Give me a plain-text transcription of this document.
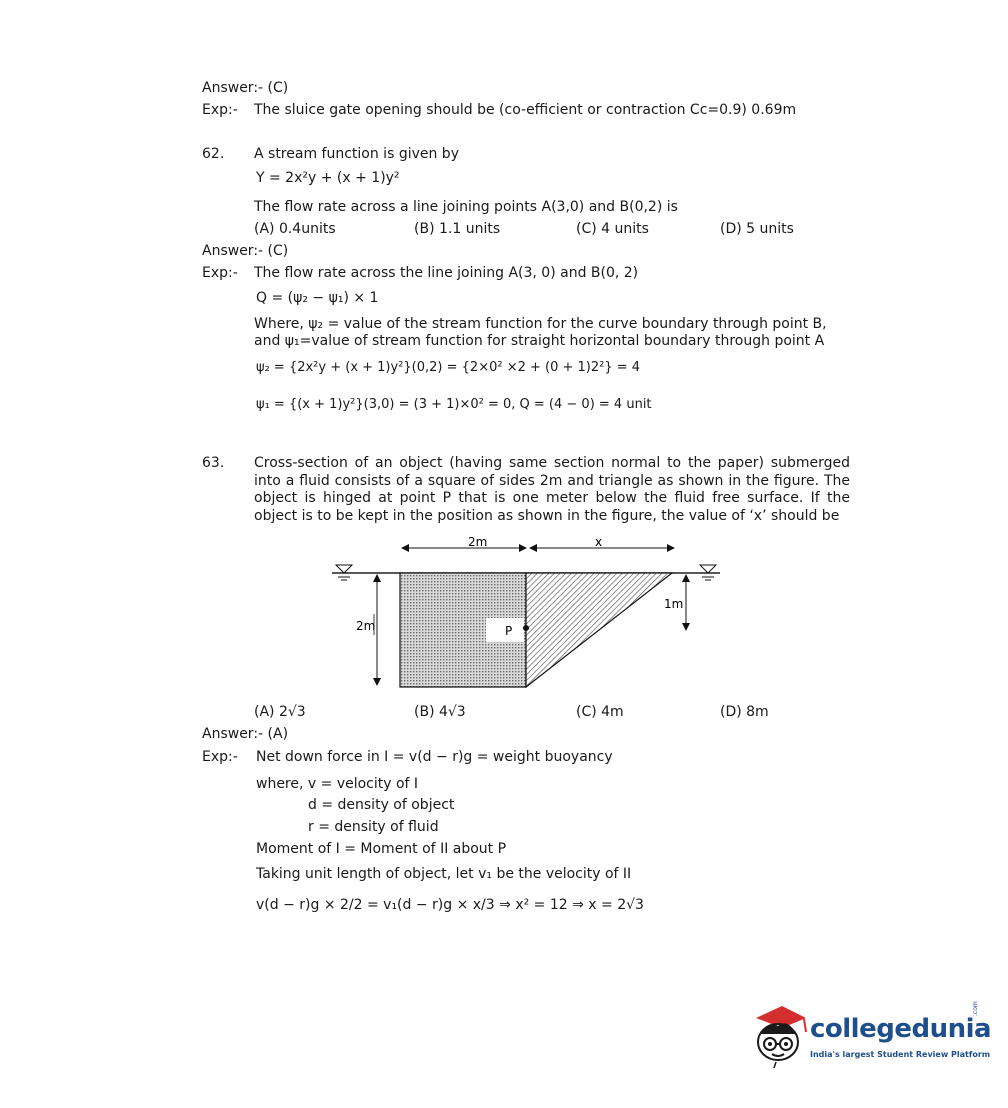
Answer:- (C)
Exp:- The sluice gate opening should be (co-efficient or contraction Cc=0.9) 0.69m
62. A stream function is given by
Y = 2x²y + (x + 1)y²
The flow rate across a line joining points A(3,0) and B(0,2) is
(A) 0.4units	(B) 1.1 units	(C) 4 units	(D) 5 units
Answer:- (C)
Exp:- The flow rate across the line joining A(3, 0) and B(0, 2)
Q = (ψ₂ − ψ₁) × 1
Where, ψ₂ = value of the stream function for the curve boundary through point B,
and ψ₁=value of stream function for straight horizontal boundary through point A
ψ₂ = {2x²y + (x + 1)y²}(0,2) = {2×0² ×2 + (0 + 1)2²} = 4
ψ₁ = {(x + 1)y²}(3,0) = (3 + 1)×0² = 0, Q = (4 − 0) = 4 unit
63. Cross-section of an object (having same section normal to the paper) submerged into a fluid consists of a square of sides 2m and triangle as shown in the figure. The object is hinged at point P that is one meter below the fluid free surface. If the object is to be kept in the position as shown in the figure, the value of ‘x’ should be
2m	x
P
2m
1m
(A) 2√3	(B) 4√3	(C) 4m	(D) 8m
Answer:- (A)
Exp:- Net down force in I = v(d − r)g = weight buoyancy
where, v = velocity of I
d = density of object
r = density of fluid
Moment of I = Moment of II about P
Taking unit length of object, let v₁ be the velocity of II
v(d − r)g × 2/2 = v₁(d − r)g × x/3 ⇒ x² = 12 ⇒ x = 2√3
collegedunia
.com
India's largest Student Review Platform
